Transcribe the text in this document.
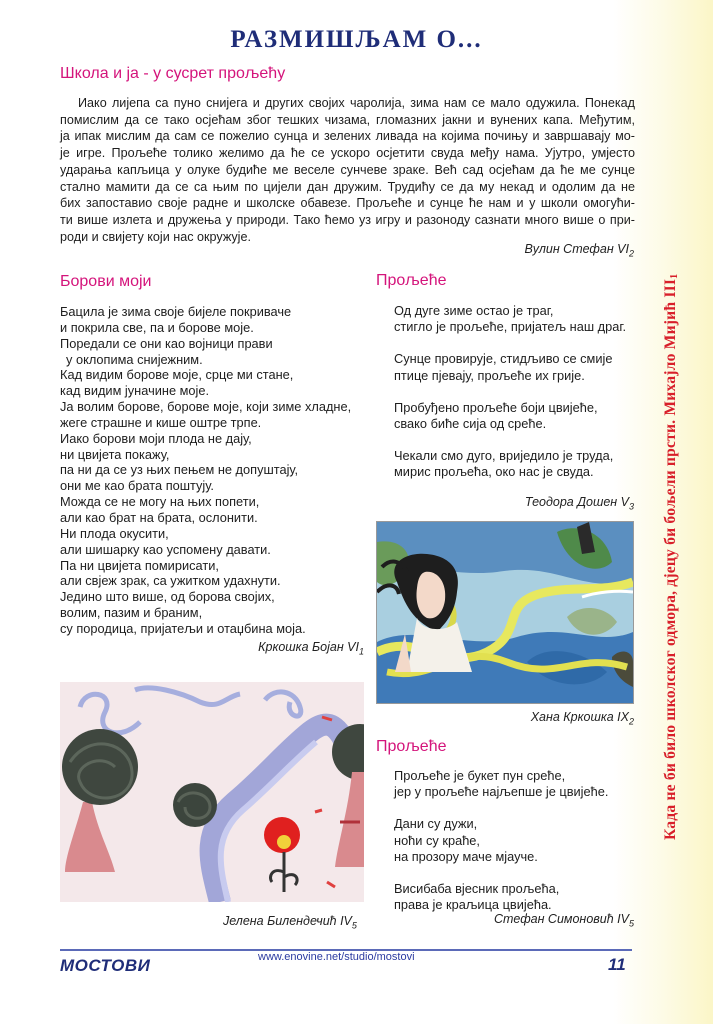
РАЗМИШЉАМ О...
Школа и ја - у сусрет прољећу
Иако лијепа са пуно снијега и других својих чаролија, зима нам се мало одужила. Понекад
помислим да се тако осјећам због тешких чизама, гломазних јакни и вунених капа. Међутим,
ја ипак мислим да сам се пожелио сунца и зелених ливада на којима почињу и завршавају мо-
је игре. Прољеће толико желимо да ће се ускоро осјетити свуда међу нама. Ујутро, умјесто
ударања капљица у олуке будиће ме веселе сунчеве зраке. Већ сад осјећам да ће ме сунце
стално мамити да се са њим по цијели дан дружим. Трудићу се да му некад и одолим да не
бих запоставио своје радне и школске обавезе. Прољеће и сунце ће нам и у школи омогући-
ти више излета и дружења у природи. Тако ћемо уз игру и разоноду сазнати много више о при-
роди и свијету који нас окружује.
Вулин Стефан $VI_2$
Борови моји
Бацила је зима своје бијеле покриваче
и покрила све, па и борове моје.
Поредали се они као војници прави
у оклопима снијежним.
Кад видим борове моје, срце ми стане,
кад видим јуначине моје.
Ја волим борове, борове моје, који зиме хладне,
жеге страшне и кише оштре трпе.
Иако борови моји плода не дају,
ни цвијета покажу,
па ни да се уз њих пењем не допуштају,
они ме као брата поштују.
Можда се не могу на њих попети,
али као брат на брата, ослонити.
Ни плода окусити,
али шишарку као успомену давати.
Па ни цвијета помирисати,
али свјеж зрак, са ужитком удахнути.
Једино што више, од борова својих,
волим, пазим и браним,
су породица, пријатељи и отаџбина моја.
Кркошка Бојан $VI_1$
Прољеће
Од дуге зиме остао је траг,
стигло је прољеће, пријатељ наш драг.
Сунце провирује, стидљиво се смије
птице пјевају, прољеће их грије.
Пробуђено прољеће боји цвијеће,
свако биће сија од среће.
Чекали смо дуго, вриједило је труда,
мирис прољећа, око нас је свуда.
Теодора Дошен $V_3$
Хана Кркошка $IX_2$
Прољеће
Прољеће је букет пун среће,
јер у прољеће најљепше је цвијеће.
Дани су дужи,
ноћи су краће,
на прозору маче мјауче.
Висибаба вјесник прољећа,
права је краљица цвијећа.
Стефан Симоновић $IV_5$
Јелена Билендечић $IV_5$
Када не би било школског одмора, дјецу би бољели прсти. Михајло Мијић $III_1$
МОСТОВИ	www.enovine.net/studio/mostovi	11
